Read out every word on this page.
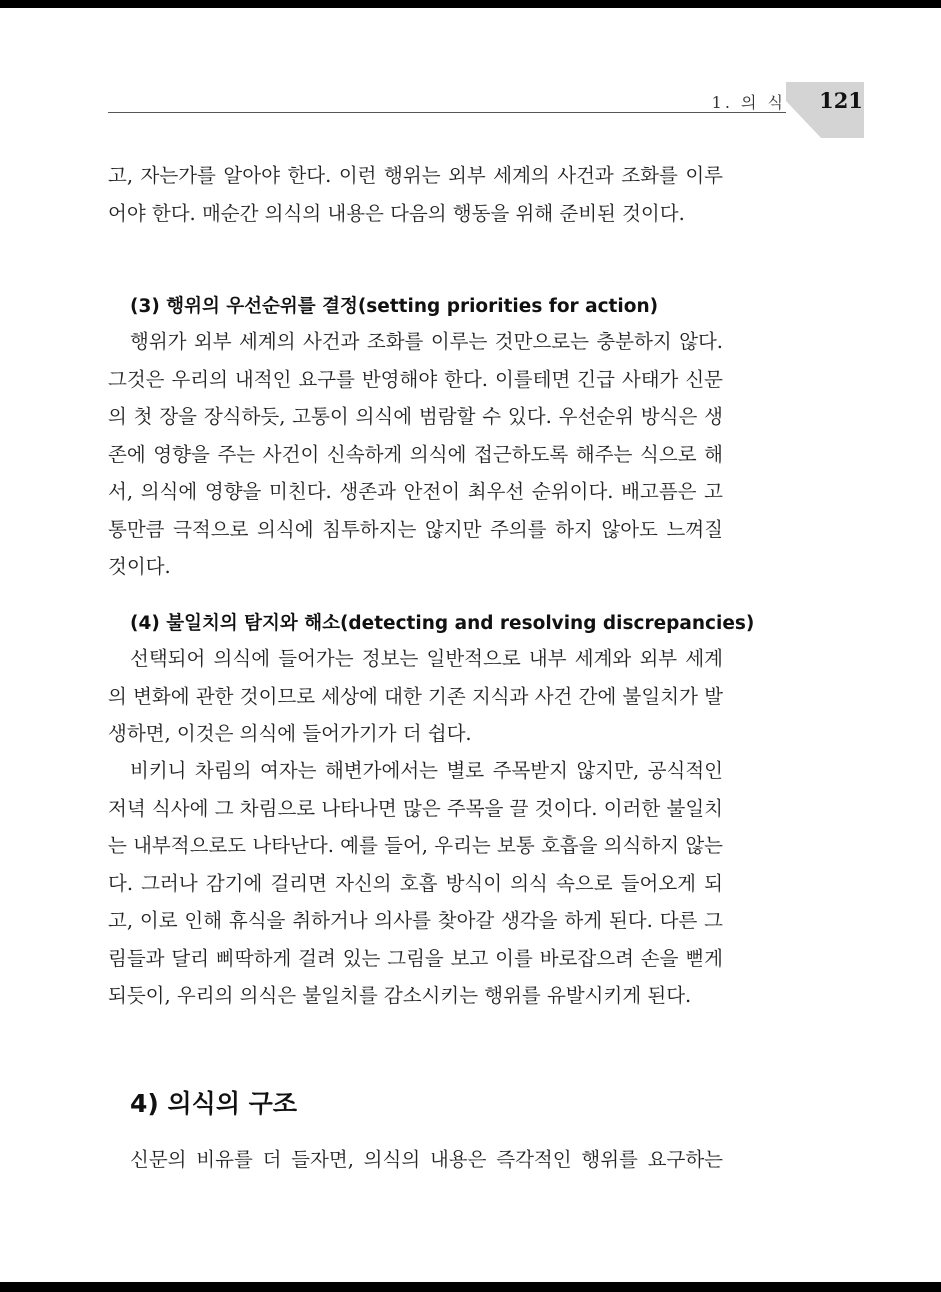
1. 의 식 121

고, 자는가를 알아야 한다. 이런 행위는 외부 세계의 사건과 조화를 이루어야 한다. 매순간 의식의 내용은 다음의 행동을 위해 준비된 것이다.

(3) 행위의 우선순위를 결정(setting priorities for action)

행위가 외부 세계의 사건과 조화를 이루는 것만으로는 충분하지 않다. 그것은 우리의 내적인 요구를 반영해야 한다. 이를테면 긴급 사태가 신문의 첫 장을 장식하듯, 고통이 의식에 범람할 수 있다. 우선순위 방식은 생존에 영향을 주는 사건이 신속하게 의식에 접근하도록 해주는 식으로 해서, 의식에 영향을 미친다. 생존과 안전이 최우선 순위이다. 배고픔은 고통만큼 극적으로 의식에 침투하지는 않지만 주의를 하지 않아도 느껴질 것이다.

(4) 불일치의 탐지와 해소(detecting and resolving discrepancies)

선택되어 의식에 들어가는 정보는 일반적으로 내부 세계와 외부 세계의 변화에 관한 것이므로 세상에 대한 기존 지식과 사건 간에 불일치가 발생하면, 이것은 의식에 들어가기가 더 쉽다.

비키니 차림의 여자는 해변가에서는 별로 주목받지 않지만, 공식적인 저녁 식사에 그 차림으로 나타나면 많은 주목을 끌 것이다. 이러한 불일치는 내부적으로도 나타난다. 예를 들어, 우리는 보통 호흡을 의식하지 않는다. 그러나 감기에 걸리면 자신의 호흡 방식이 의식 속으로 들어오게 되고, 이로 인해 휴식을 취하거나 의사를 찾아갈 생각을 하게 된다. 다른 그림들과 달리 삐딱하게 걸려 있는 그림을 보고 이를 바로잡으려 손을 뻗게 되듯이, 우리의 의식은 불일치를 감소시키는 행위를 유발시키게 된다.

4) 의식의 구조

신문의 비유를 더 들자면, 의식의 내용은 즉각적인 행위를 요구하는
